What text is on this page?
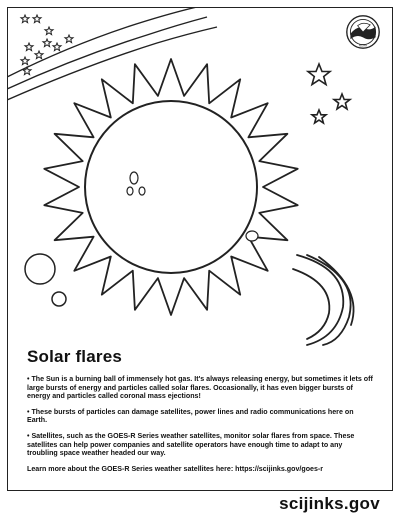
NOAA
Solar flares

• The Sun is a burning ball of immensely hot gas. It's always releasing energy, but sometimes it lets off large bursts of energy and particles called solar flares. Occasionally, it has even bigger bursts of energy and particles called coronal mass ejections!

• These bursts of particles can damage satellites, power lines and radio communications here on Earth.

• Satellites, such as the GOES-R Series weather satellites, monitor solar flares from space. These satellites can help power companies and satellite operators have enough time to adapt to any troubling space weather headed our way.

Learn more about the GOES-R Series weather satellites here: https://scijinks.gov/goes-r

scijinks.gov
